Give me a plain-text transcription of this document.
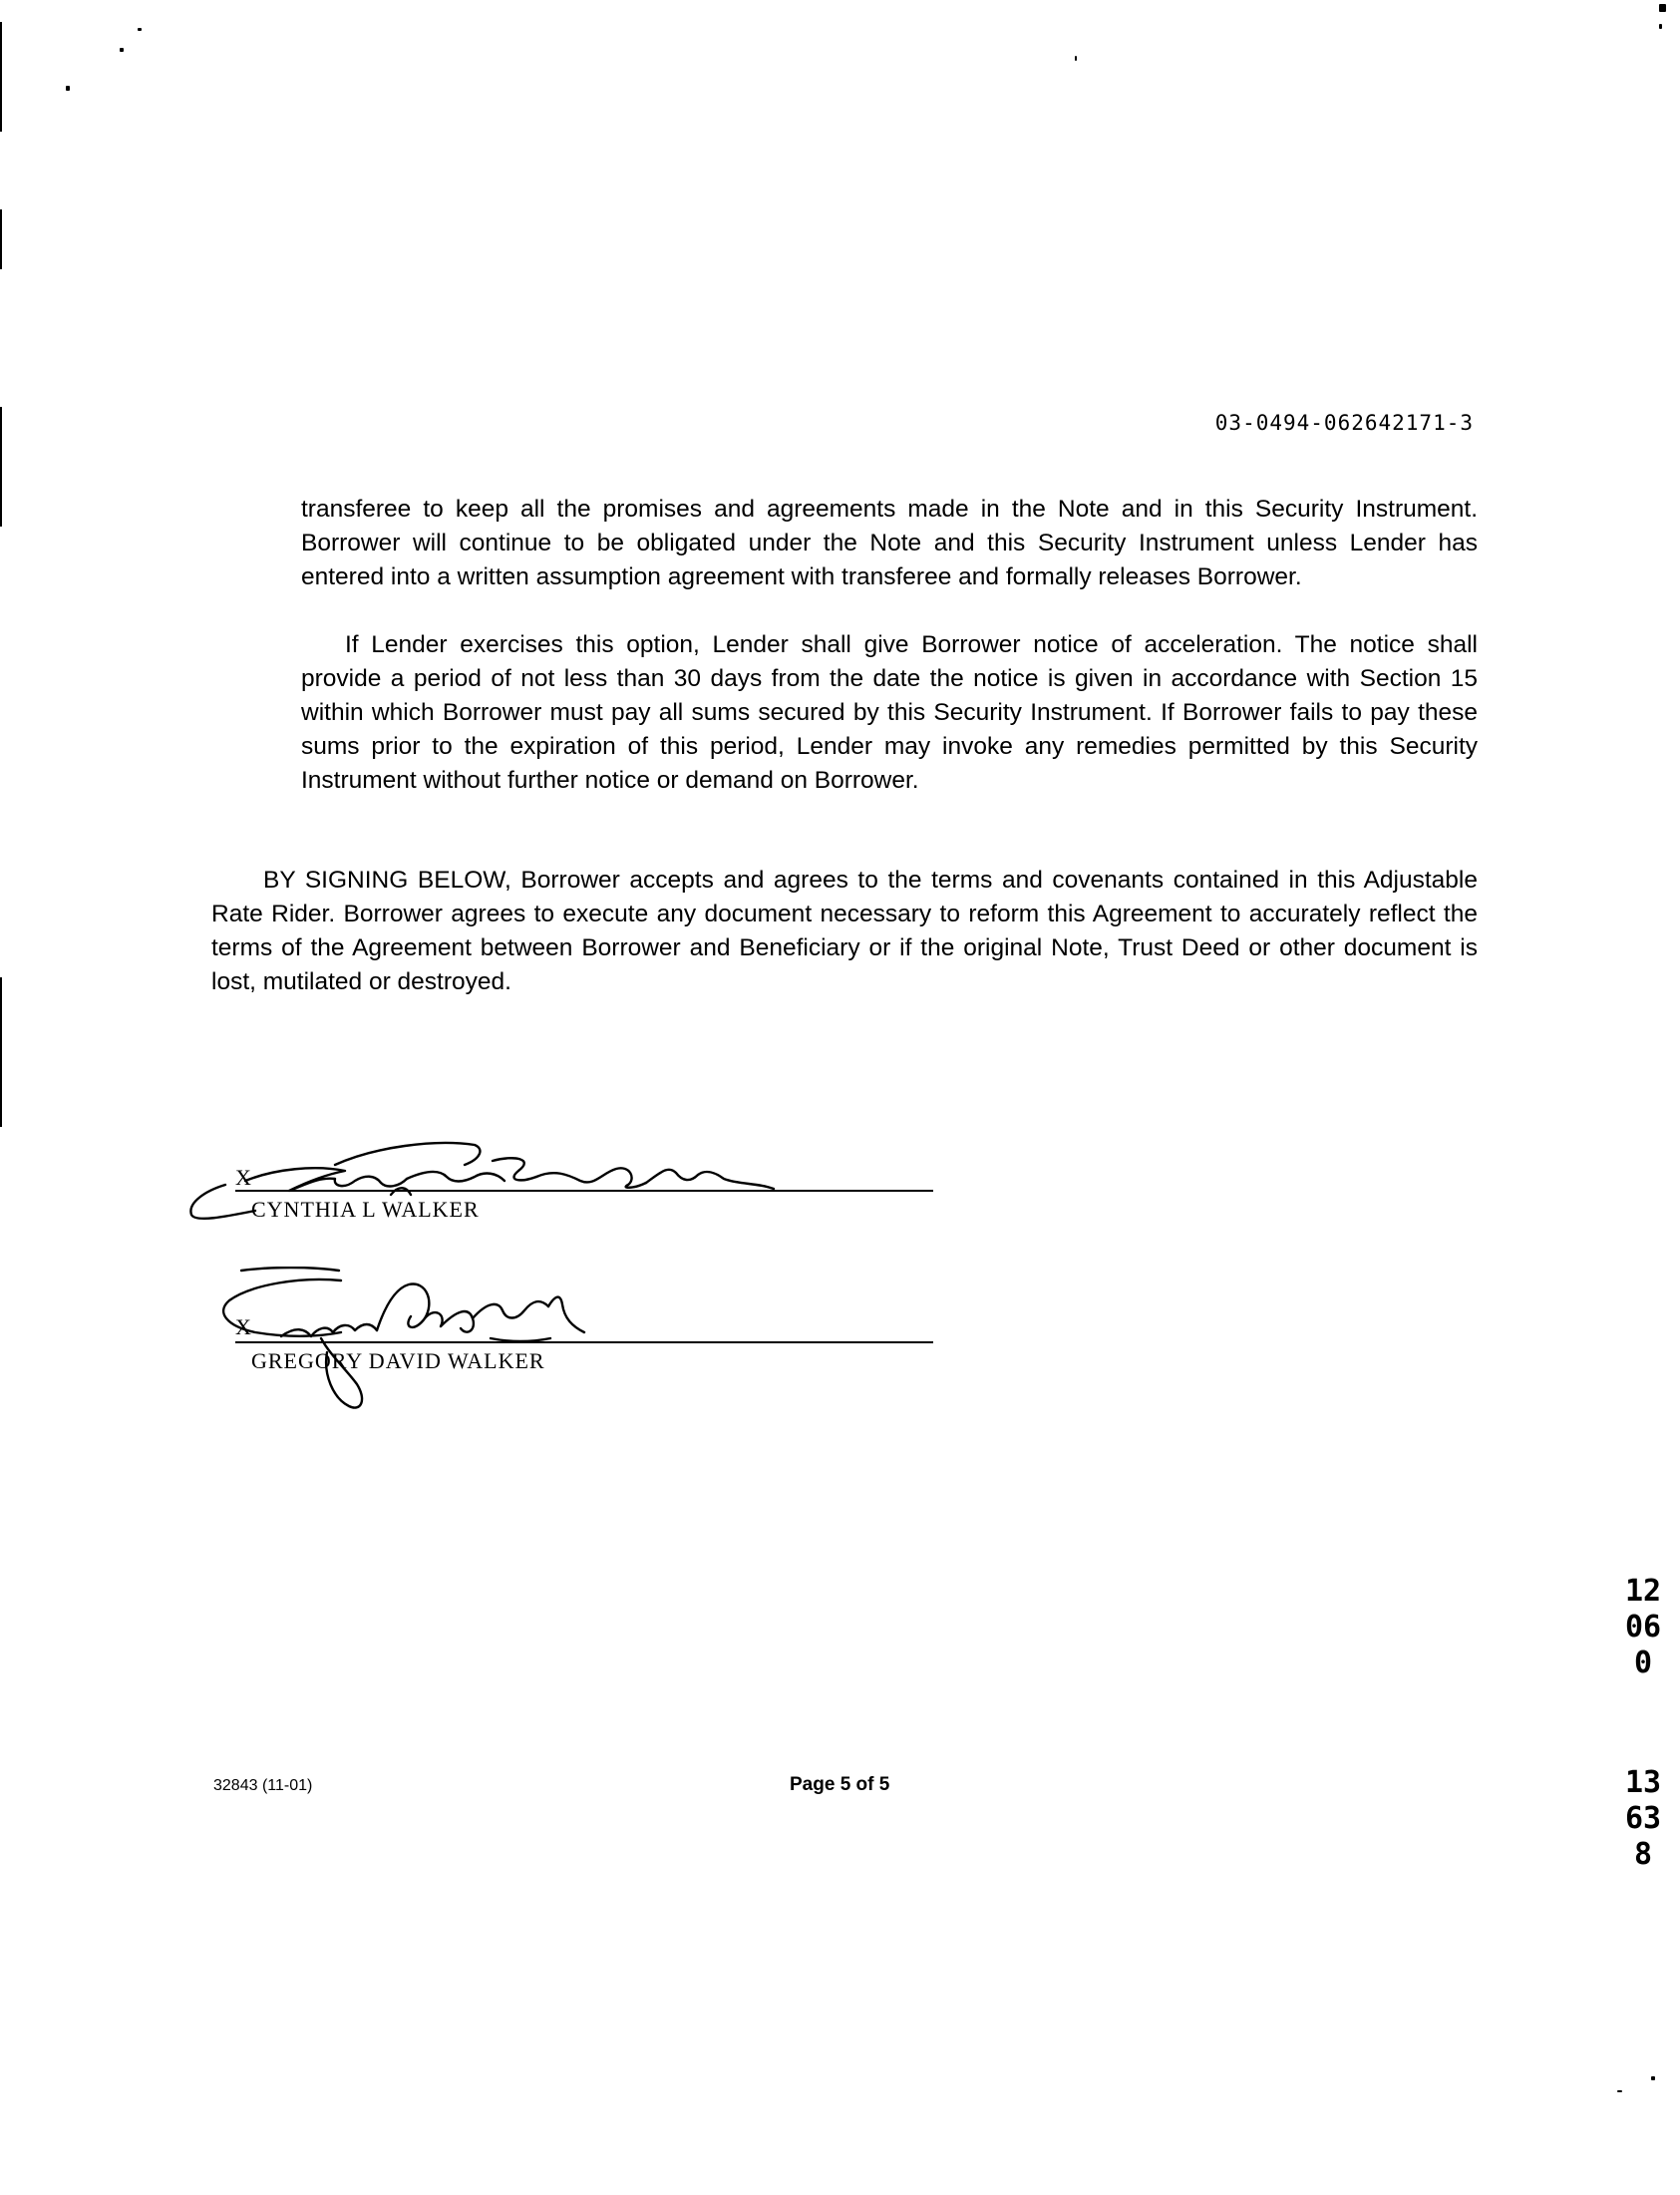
03-0494-062642171-3

transferee to keep all the promises and agreements made in the Note and in this Security Instrument. Borrower will continue to be obligated under the Note and this Security Instrument unless Lender has entered into a written assumption agreement with transferee and formally releases Borrower.

If Lender exercises this option, Lender shall give Borrower notice of acceleration. The notice shall provide a period of not less than 30 days from the date the notice is given in accordance with Section 15 within which Borrower must pay all sums secured by this Security Instrument. If Borrower fails to pay these sums prior to the expiration of this period, Lender may invoke any remedies permitted by this Security Instrument without further notice or demand on Borrower.

BY SIGNING BELOW, Borrower accepts and agrees to the terms and covenants contained in this Adjustable Rate Rider. Borrower agrees to execute any document necessary to reform this Agreement to accurately reflect the terms of the Agreement between Borrower and Beneficiary or if the original Note, Trust Deed or other document is lost, mutilated or destroyed.

X
CYNTHIA L WALKER
X
GREGORY DAVID WALKER
32843 (11-01)	Page 5 of 5
12060
13638
